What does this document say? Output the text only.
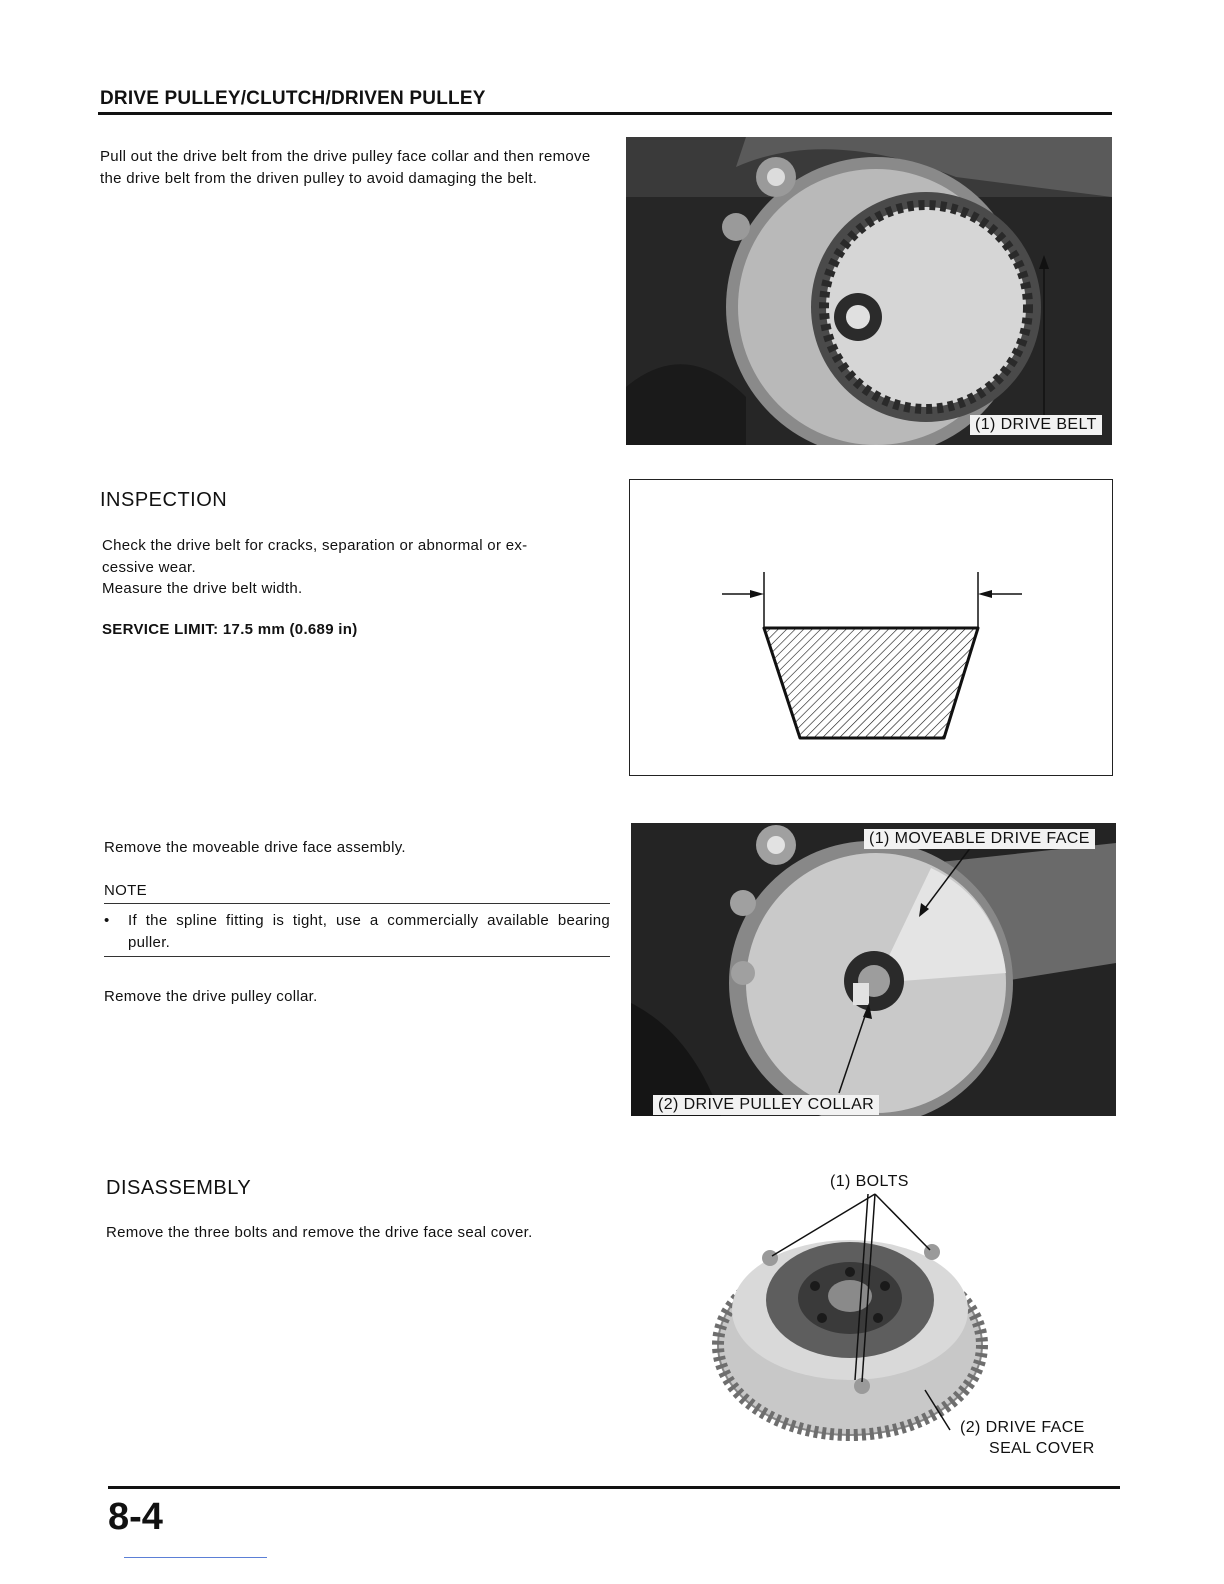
DRIVE PULLEY/CLUTCH/DRIVEN PULLEY
Pull out the drive belt from the drive pulley face collar and then remove the drive belt from the driven pulley to avoid damaging the belt.
(1) DRIVE BELT
INSPECTION
Check the drive belt for cracks, separation or abnormal or ex-
cessive wear.
Measure the drive belt width.
SERVICE LIMIT: 17.5 mm (0.689 in)
Remove the moveable drive face assembly.
NOTE
• If the spline fitting is tight, use a commercially available bearing puller.
Remove the drive pulley collar.
(1) MOVEABLE DRIVE FACE
(2) DRIVE PULLEY COLLAR
DISASSEMBLY
Remove the three bolts and remove the drive face seal cover.
(1) BOLTS
(2) DRIVE FACE
SEAL COVER
8-4
